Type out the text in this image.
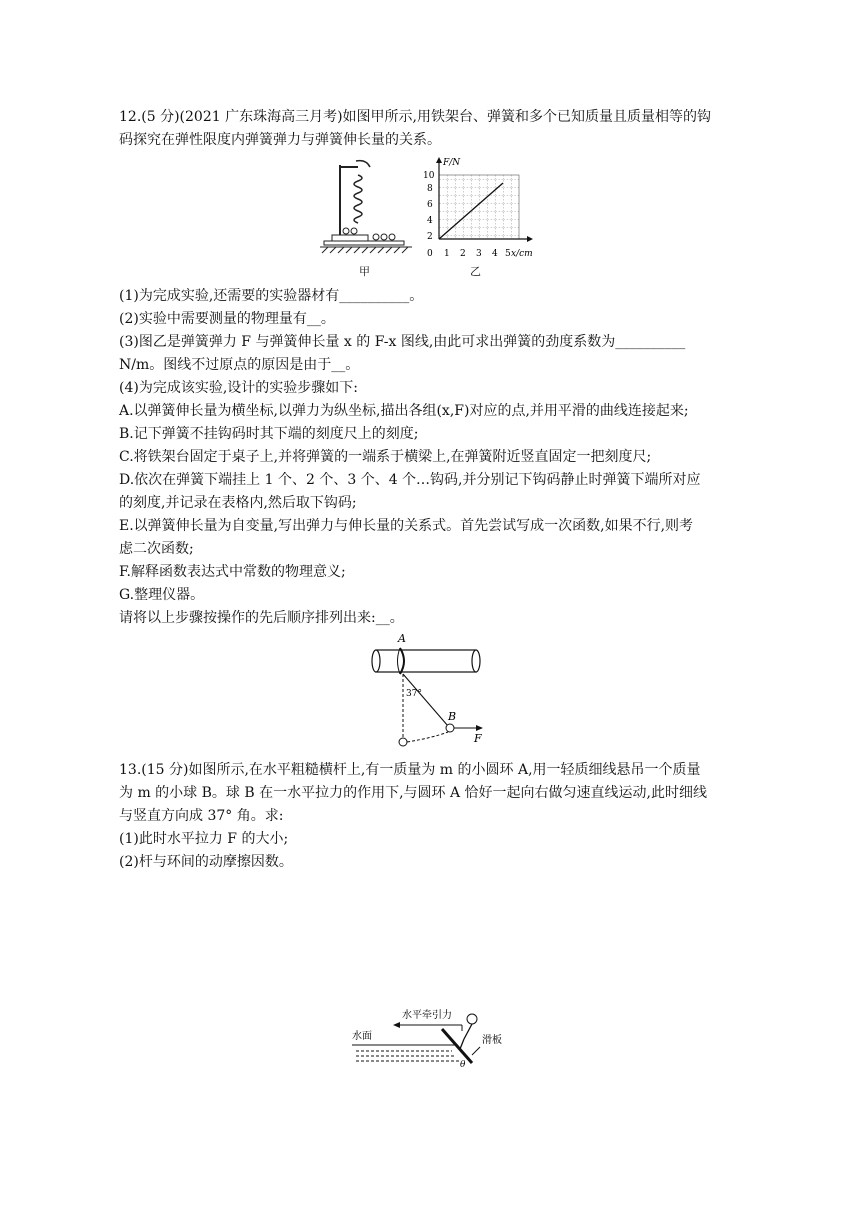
12.(5 分)(2021 广东珠海高三月考)如图甲所示,用铁架台、弹簧和多个已知质量且质量相等的钩
码探究在弹性限度内弹簧弹力与弹簧伸长量的关系。
甲
F/N
x/cm
10
8
6
4
2
0 1 2 3 4 5
乙
(1)为完成实验,还需要的实验器材有__________。
(2)实验中需要测量的物理量有__。
(3)图乙是弹簧弹力 F 与弹簧伸长量 x 的 F-x 图线,由此可求出弹簧的劲度系数为__________
N/m。图线不过原点的原因是由于__。
(4)为完成该实验,设计的实验步骤如下:
A.以弹簧伸长量为横坐标,以弹力为纵坐标,描出各组(x,F)对应的点,并用平滑的曲线连接起来;
B.记下弹簧不挂钩码时其下端的刻度尺上的刻度;
C.将铁架台固定于桌子上,并将弹簧的一端系于横梁上,在弹簧附近竖直固定一把刻度尺;
D.依次在弹簧下端挂上 1 个、2 个、3 个、4 个…钩码,并分别记下钩码静止时弹簧下端所对应
的刻度,并记录在表格内,然后取下钩码;
E.以弹簧伸长量为自变量,写出弹力与伸长量的关系式。首先尝试写成一次函数,如果不行,则考
虑二次函数;
F.解释函数表达式中常数的物理意义;
G.整理仪器。
请将以上步骤按操作的先后顺序排列出来:__。
A
37°
B
F
13.(15 分)如图所示,在水平粗糙横杆上,有一质量为 m 的小圆环 A,用一轻质细线悬吊一个质量
为 m 的小球 B。球 B 在一水平拉力的作用下,与圆环 A 恰好一起向右做匀速直线运动,此时细线
与竖直方向成 37° 角。求:
(1)此时水平拉力 F 的大小;
(2)杆与环间的动摩擦因数。
水平牵引力
水面	滑板
θ
